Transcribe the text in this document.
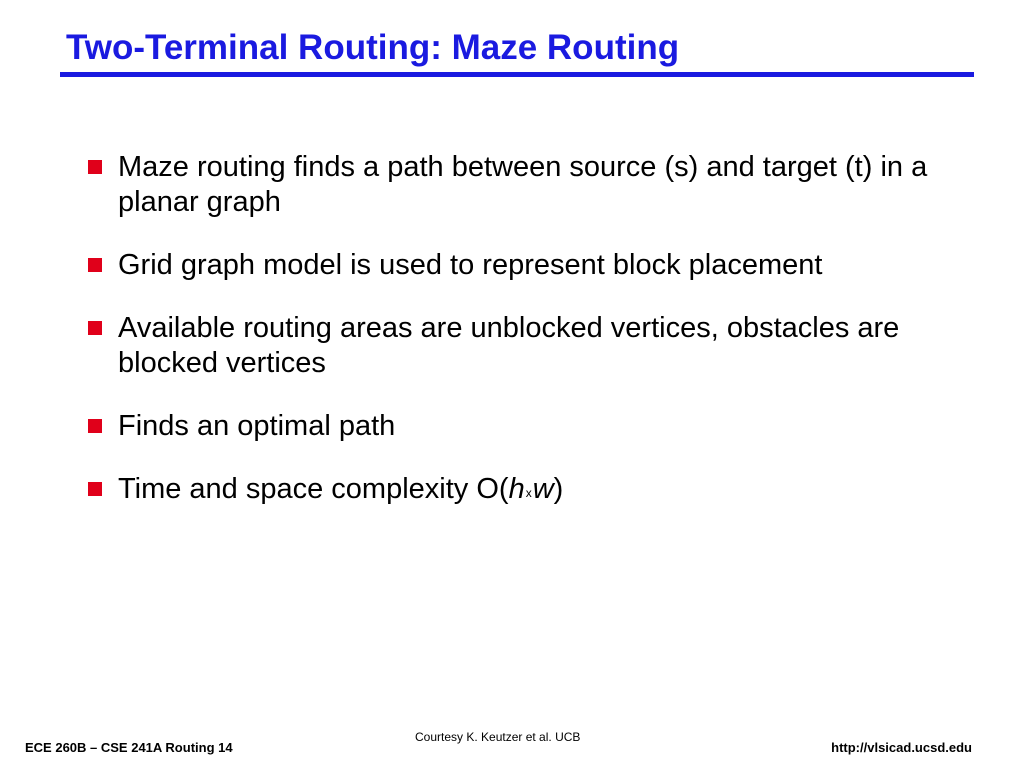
Two-Terminal Routing: Maze Routing
Maze routing finds a path between source (s) and target (t) in a planar graph
Grid graph model is used to represent block placement
Available routing areas are unblocked vertices, obstacles are blocked vertices
Finds an optimal path
Time and space complexity O(hxw)
ECE 260B – CSE 241A Routing 14
Courtesy K. Keutzer et al. UCB
http://vlsicad.ucsd.edu
